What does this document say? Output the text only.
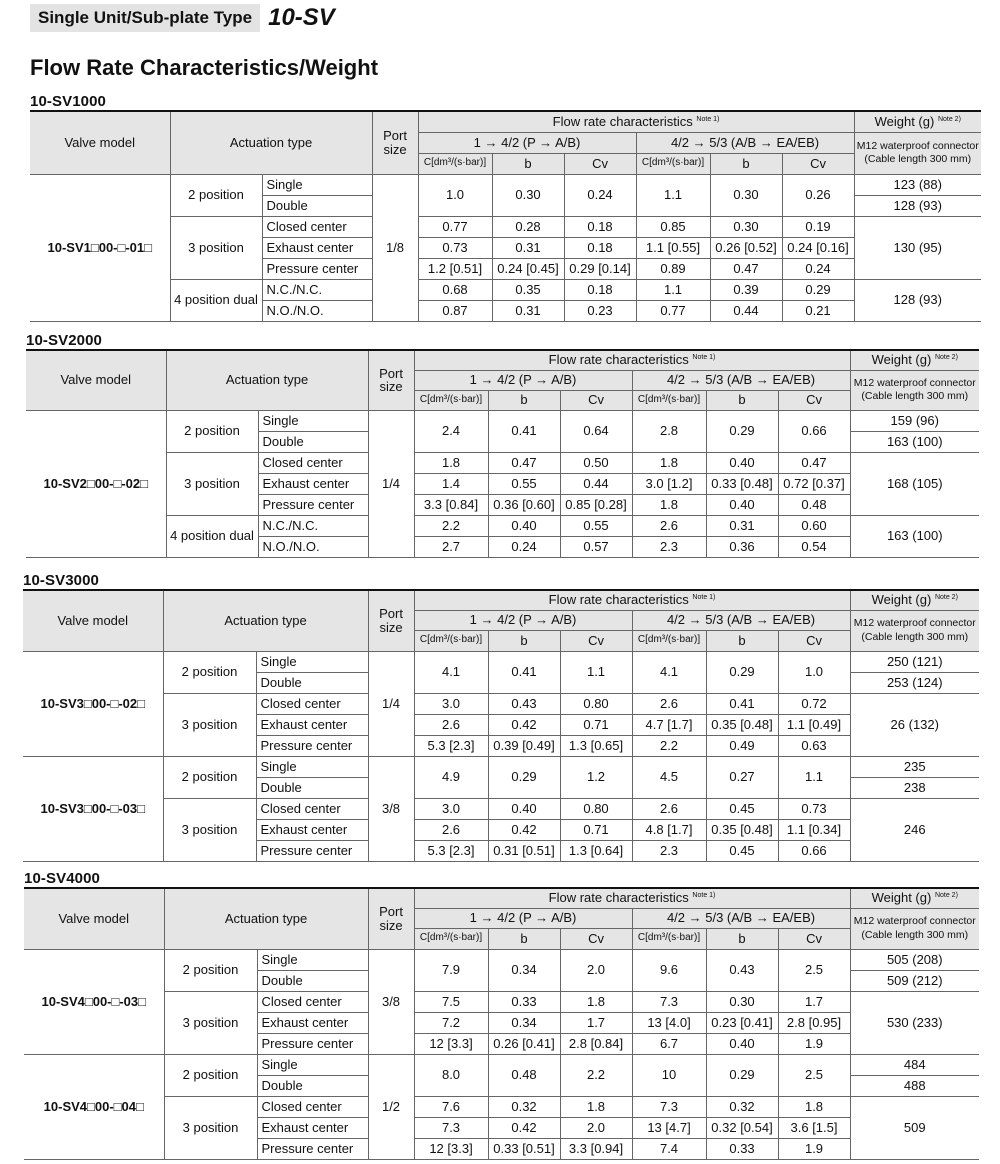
Single Unit/Sub-plate Type 10-SV
Flow Rate Characteristics/Weight
10-SV1000
Valve model	Actuation type		Port
size	Flow rate characteristics $^{Note 1)}$						Weight (g) $^{Note 2)}$
				1 → 4/2 (P → A/B)			4/2 → 5/3 (A/B → EA/EB)			M12 waterproof connector
(Cable length 300 mm)
				C[dm³/(s·bar)]	b	Cv	C[dm³/(s·bar)]	b	Cv	
10-SV1□00-□-01□	2 position	Single	1/8	1.0	0.30	0.24	1.1	0.30	0.26	123 (88)
		Double								128 (93)
	3 position	Closed center		0.77	0.28	0.18	0.85	0.30	0.19	130 (95)
		Exhaust center		0.73	0.31	0.18	1.1 [0.55]	0.26 [0.52]	0.24 [0.16]	
		Pressure center		1.2 [0.51]	0.24 [0.45]	0.29 [0.14]	0.89	0.47	0.24	
	4 position dual	N.C./N.C.		0.68	0.35	0.18	1.1	0.39	0.29	128 (93)
		N.O./N.O.		0.87	0.31	0.23	0.77	0.44	0.21	
10-SV2000
Valve model	Actuation type		Port
size	Flow rate characteristics $^{Note 1)}$						Weight (g) $^{Note 2)}$
				1 → 4/2 (P → A/B)			4/2 → 5/3 (A/B → EA/EB)			M12 waterproof connector
(Cable length 300 mm)
				C[dm³/(s·bar)]	b	Cv	C[dm³/(s·bar)]	b	Cv	
10-SV2□00-□-02□	2 position	Single	1/4	2.4	0.41	0.64	2.8	0.29	0.66	159 (96)
		Double								163 (100)
	3 position	Closed center		1.8	0.47	0.50	1.8	0.40	0.47	168 (105)
		Exhaust center		1.4	0.55	0.44	3.0 [1.2]	0.33 [0.48]	0.72 [0.37]	
		Pressure center		3.3 [0.84]	0.36 [0.60]	0.85 [0.28]	1.8	0.40	0.48	
	4 position dual	N.C./N.C.		2.2	0.40	0.55	2.6	0.31	0.60	163 (100)
		N.O./N.O.		2.7	0.24	0.57	2.3	0.36	0.54	
10-SV3000
Valve model	Actuation type		Port
size	Flow rate characteristics $^{Note 1)}$						Weight (g) $^{Note 2)}$
				1 → 4/2 (P → A/B)			4/2 → 5/3 (A/B → EA/EB)			M12 waterproof connector
(Cable length 300 mm)
				C[dm³/(s·bar)]	b	Cv	C[dm³/(s·bar)]	b	Cv	
10-SV3□00-□-02□	2 position	Single	1/4	4.1	0.41	1.1	4.1	0.29	1.0	250 (121)
		Double								253 (124)
	3 position	Closed center		3.0	0.43	0.80	2.6	0.41	0.72	26 (132)
		Exhaust center		2.6	0.42	0.71	4.7 [1.7]	0.35 [0.48]	1.1 [0.49]	
		Pressure center		5.3 [2.3]	0.39 [0.49]	1.3 [0.65]	2.2	0.49	0.63	
10-SV3□00-□-03□	2 position	Single	3/8	4.9	0.29	1.2	4.5	0.27	1.1	235
		Double								238
	3 position	Closed center		3.0	0.40	0.80	2.6	0.45	0.73	246
		Exhaust center		2.6	0.42	0.71	4.8 [1.7]	0.35 [0.48]	1.1 [0.34]	
		Pressure center		5.3 [2.3]	0.31 [0.51]	1.3 [0.64]	2.3	0.45	0.66	
10-SV4000
Valve model	Actuation type		Port
size	Flow rate characteristics $^{Note 1)}$						Weight (g) $^{Note 2)}$
				1 → 4/2 (P → A/B)			4/2 → 5/3 (A/B → EA/EB)			M12 waterproof connector
(Cable length 300 mm)
				C[dm³/(s·bar)]	b	Cv	C[dm³/(s·bar)]	b	Cv	
10-SV4□00-□-03□	2 position	Single	3/8	7.9	0.34	2.0	9.6	0.43	2.5	505 (208)
		Double								509 (212)
	3 position	Closed center		7.5	0.33	1.8	7.3	0.30	1.7	530 (233)
		Exhaust center		7.2	0.34	1.7	13 [4.0]	0.23 [0.41]	2.8 [0.95]	
		Pressure center		12 [3.3]	0.26 [0.41]	2.8 [0.84]	6.7	0.40	1.9	
10-SV4□00-□04□	2 position	Single	1/2	8.0	0.48	2.2	10	0.29	2.5	484
		Double								488
	3 position	Closed center		7.6	0.32	1.8	7.3	0.32	1.8	509
		Exhaust center		7.3	0.42	2.0	13 [4.7]	0.32 [0.54]	3.6 [1.5]	
		Pressure center		12 [3.3]	0.33 [0.51]	3.3 [0.94]	7.4	0.33	1.9	
